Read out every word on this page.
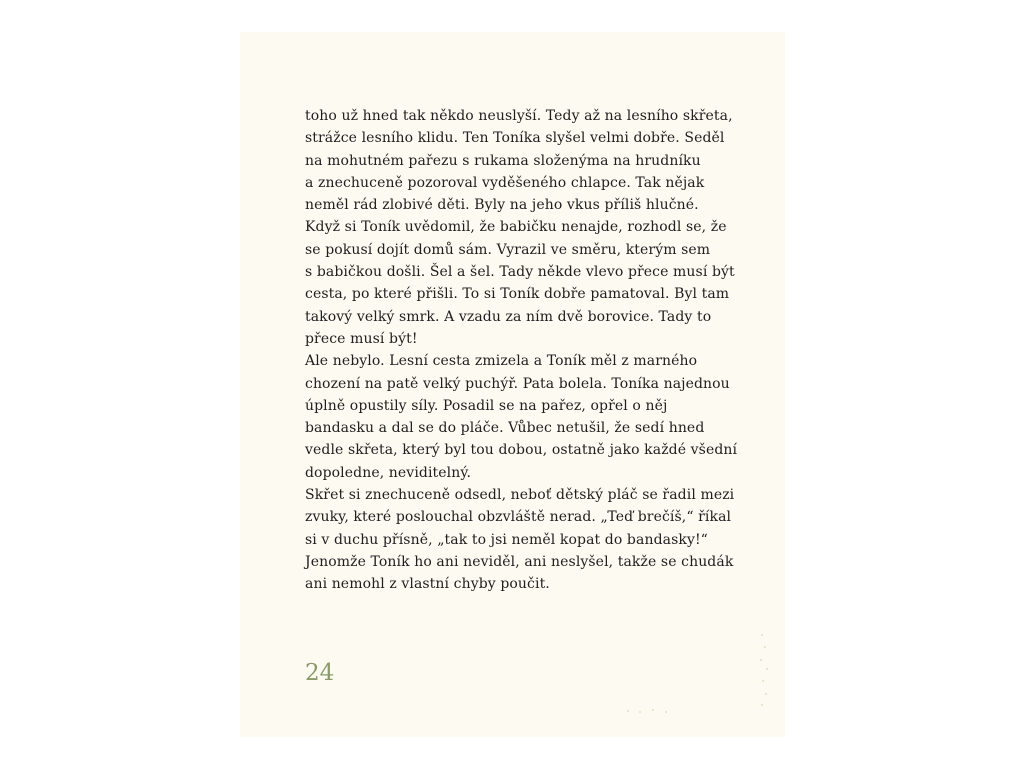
toho už hned tak někdo neuslyší. Tedy až na lesního skřeta,
strážce lesního klidu. Ten Toníka slyšel velmi dobře. Seděl
na mohutném pařezu s rukama složenýma na hrudníku
a znechuceně pozoroval vyděšeného chlapce. Tak nějak
neměl rád zlobivé děti. Byly na jeho vkus příliš hlučné.
Když si Toník uvědomil, že babičku nenajde, rozhodl se, že
se pokusí dojít domů sám. Vyrazil ve směru, kterým sem
s babičkou došli. Šel a šel. Tady někde vlevo přece musí být
cesta, po které přišli. To si Toník dobře pamatoval. Byl tam
takový velký smrk. A vzadu za ním dvě borovice. Tady to
přece musí být!
Ale nebylo. Lesní cesta zmizela a Toník měl z marného
chození na patě velký puchýř. Pata bolela. Toníka najednou
úplně opustily síly. Posadil se na pařez, opřel o něj
bandasku a dal se do pláče. Vůbec netušil, že sedí hned
vedle skřeta, který byl tou dobou, ostatně jako každé všední
dopoledne, neviditelný.
Skřet si znechuceně odsedl, neboť dětský pláč se řadil mezi
zvuky, které poslouchal obzvláště nerad. „Teď brečíš,“ říkal
si v duchu přísně, „tak to jsi neměl kopat do bandasky!“
Jenomže Toník ho ani neviděl, ani neslyšel, takže se chudák
ani nemohl z vlastní chyby poučit.
24
